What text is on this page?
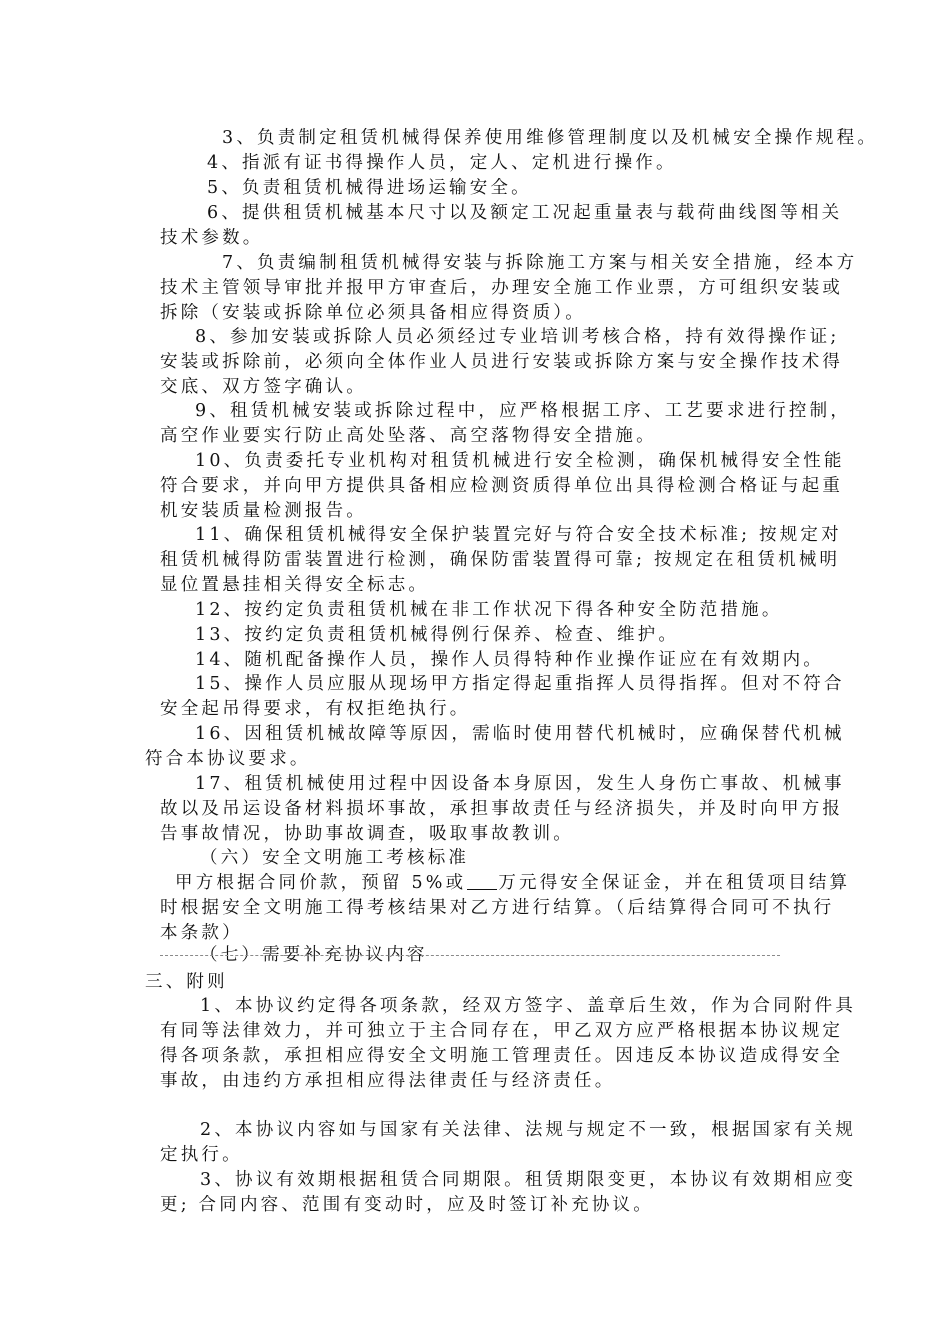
3、负责制定租赁机械得保养使用维修管理制度以及机械安全操作规程。

4、指派有证书得操作人员，定人、定机进行操作。

5、负责租赁机械得进场运输安全。

6、提供租赁机械基本尺寸以及额定工况起重量表与载荷曲线图等相关

技术参数。

7、负责编制租赁机械得安装与拆除施工方案与相关安全措施，经本方

技术主管领导审批并报甲方审查后，办理安全施工作业票，方可组织安装或

拆除（安装或拆除单位必须具备相应得资质）。

8、参加安装或拆除人员必须经过专业培训考核合格，持有效得操作证;

安装或拆除前，必须向全体作业人员进行安装或拆除方案与安全操作技术得

交底、双方签字确认。

9、租赁机械安装或拆除过程中，应严格根据工序、工艺要求进行控制，

高空作业要实行防止高处坠落、高空落物得安全措施。

10、负责委托专业机构对租赁机械进行安全检测，确保机械得安全性能

符合要求，并向甲方提供具备相应检测资质得单位出具得检测合格证与起重

机安装质量检测报告。

11、确保租赁机械得安全保护装置完好与符合安全技术标准; 按规定对

租赁机械得防雷装置进行检测，确保防雷装置得可靠; 按规定在租赁机械明

显位置悬挂相关得安全标志。

12、按约定负责租赁机械在非工作状况下得各种安全防范措施。

13、按约定负责租赁机械得例行保养、检查、维护。

14、随机配备操作人员，操作人员得特种作业操作证应在有效期内。

15、操作人员应服从现场甲方指定得起重指挥人员得指挥。但对不符合

安全起吊得要求，有权拒绝执行。

16、因租赁机械故障等原因，需临时使用替代机械时，应确保替代机械

符合本协议要求。

17、租赁机械使用过程中因设备本身原因，发生人身伤亡事故、机械事

故以及吊运设备材料损坏事故，承担事故责任与经济损失，并及时向甲方报

告事故情况，协助事故调查，吸取事故教训。

（六）安全文明施工考核标准

甲方根据合同价款，预留 5%或 万元得安全保证金，并在租赁项目结算

时根据安全文明施工得考核结果对乙方进行结算。（后结算得合同可不执行

本条款）

（七）需要补充协议内容

三、附则

1、本协议约定得各项条款，经双方签字、盖章后生效，作为合同附件具

有同等法律效力，并可独立于主合同存在，甲乙双方应严格根据本协议规定

得各项条款，承担相应得安全文明施工管理责任。因违反本协议造成得安全

事故，由违约方承担相应得法律责任与经济责任。

2、本协议内容如与国家有关法律、法规与规定不一致，根据国家有关规

定执行。

3、协议有效期根据租赁合同期限。租赁期限变更，本协议有效期相应变

更; 合同内容、范围有变动时，应及时签订补充协议。
